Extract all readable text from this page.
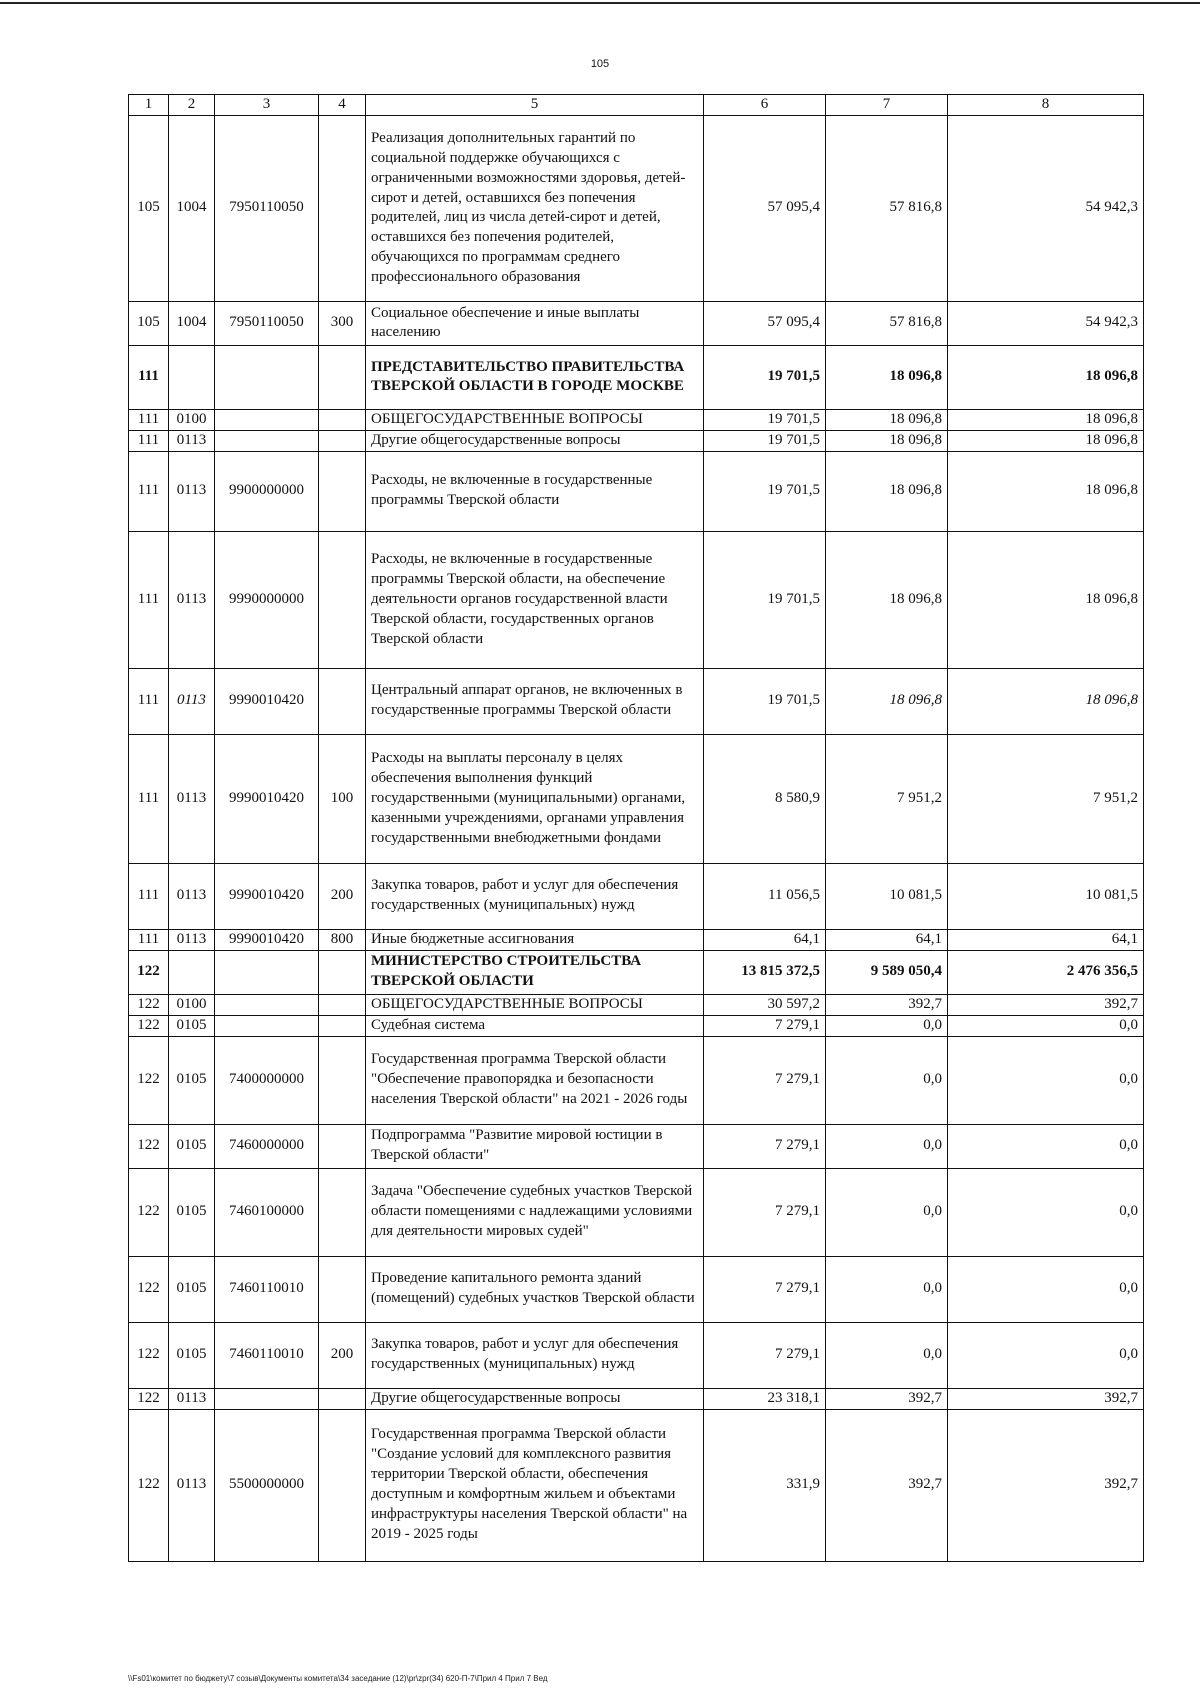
105
1	2	3	4	5	6	7	8
105	1004	7950110050		Реализация дополнительных гарантий по социальной поддержке обучающихся с ограниченными возможностями здоровья, детей-сирот и детей, оставшихся без попечения родителей, лиц из числа детей-сирот и детей, оставшихся без попечения родителей, обучающихся по программам среднего профессионального образования	57 095,4	57 816,8	54 942,3
105	1004	7950110050	300	Социальное обеспечение и иные выплаты населению	57 095,4	57 816,8	54 942,3
111				ПРЕДСТАВИТЕЛЬСТВО ПРАВИТЕЛЬСТВА ТВЕРСКОЙ ОБЛАСТИ В ГОРОДЕ МОСКВЕ	19 701,5	18 096,8	18 096,8
111	0100			ОБЩЕГОСУДАРСТВЕННЫЕ ВОПРОСЫ	19 701,5	18 096,8	18 096,8
111	0113			Другие общегосударственные вопросы	19 701,5	18 096,8	18 096,8
111	0113	9900000000		Расходы, не включенные в государственные программы Тверской области	19 701,5	18 096,8	18 096,8
111	0113	9990000000		Расходы, не включенные в государственные программы Тверской области, на обеспечение деятельности органов государственной власти Тверской области, государственных органов Тверской области	19 701,5	18 096,8	18 096,8
111	0113	9990010420		Центральный аппарат органов, не включенных в государственные программы Тверской области	19 701,5	18 096,8	18 096,8
111	0113	9990010420	100	Расходы на выплаты персоналу в целях обеспечения выполнения функций государственными (муниципальными) органами, казенными учреждениями, органами управления государственными внебюджетными фондами	8 580,9	7 951,2	7 951,2
111	0113	9990010420	200	Закупка товаров, работ и услуг для обеспечения государственных (муниципальных) нужд	11 056,5	10 081,5	10 081,5
111	0113	9990010420	800	Иные бюджетные ассигнования	64,1	64,1	64,1
122				МИНИСТЕРСТВО СТРОИТЕЛЬСТВА ТВЕРСКОЙ ОБЛАСТИ	13 815 372,5	9 589 050,4	2 476 356,5
122	0100			ОБЩЕГОСУДАРСТВЕННЫЕ ВОПРОСЫ	30 597,2	392,7	392,7
122	0105			Судебная система	7 279,1	0,0	0,0
122	0105	7400000000		Государственная программа Тверской области "Обеспечение правопорядка и безопасности населения Тверской области" на 2021 - 2026 годы	7 279,1	0,0	0,0
122	0105	7460000000		Подпрограмма "Развитие мировой юстиции в Тверской области"	7 279,1	0,0	0,0
122	0105	7460100000		Задача "Обеспечение судебных участков Тверской области помещениями с надлежащими условиями для деятельности мировых судей"	7 279,1	0,0	0,0
122	0105	7460110010		Проведение капитального ремонта зданий (помещений) судебных участков Тверской области	7 279,1	0,0	0,0
122	0105	7460110010	200	Закупка товаров, работ и услуг для обеспечения государственных (муниципальных) нужд	7 279,1	0,0	0,0
122	0113			Другие общегосударственные вопросы	23 318,1	392,7	392,7
122	0113	5500000000		Государственная программа Тверской области "Создание условий для комплексного развития территории Тверской области, обеспечения доступным и комфортным жильем и объектами инфраструктуры населения Тверской области" на 2019 - 2025 годы	331,9	392,7	392,7
\\Fs01\комитет по бюджету\7 созыв\Документы комитета\34 заседание (12)\pr\zpr(34) 620-П-7\Прил 4 Прил 7 Вед
